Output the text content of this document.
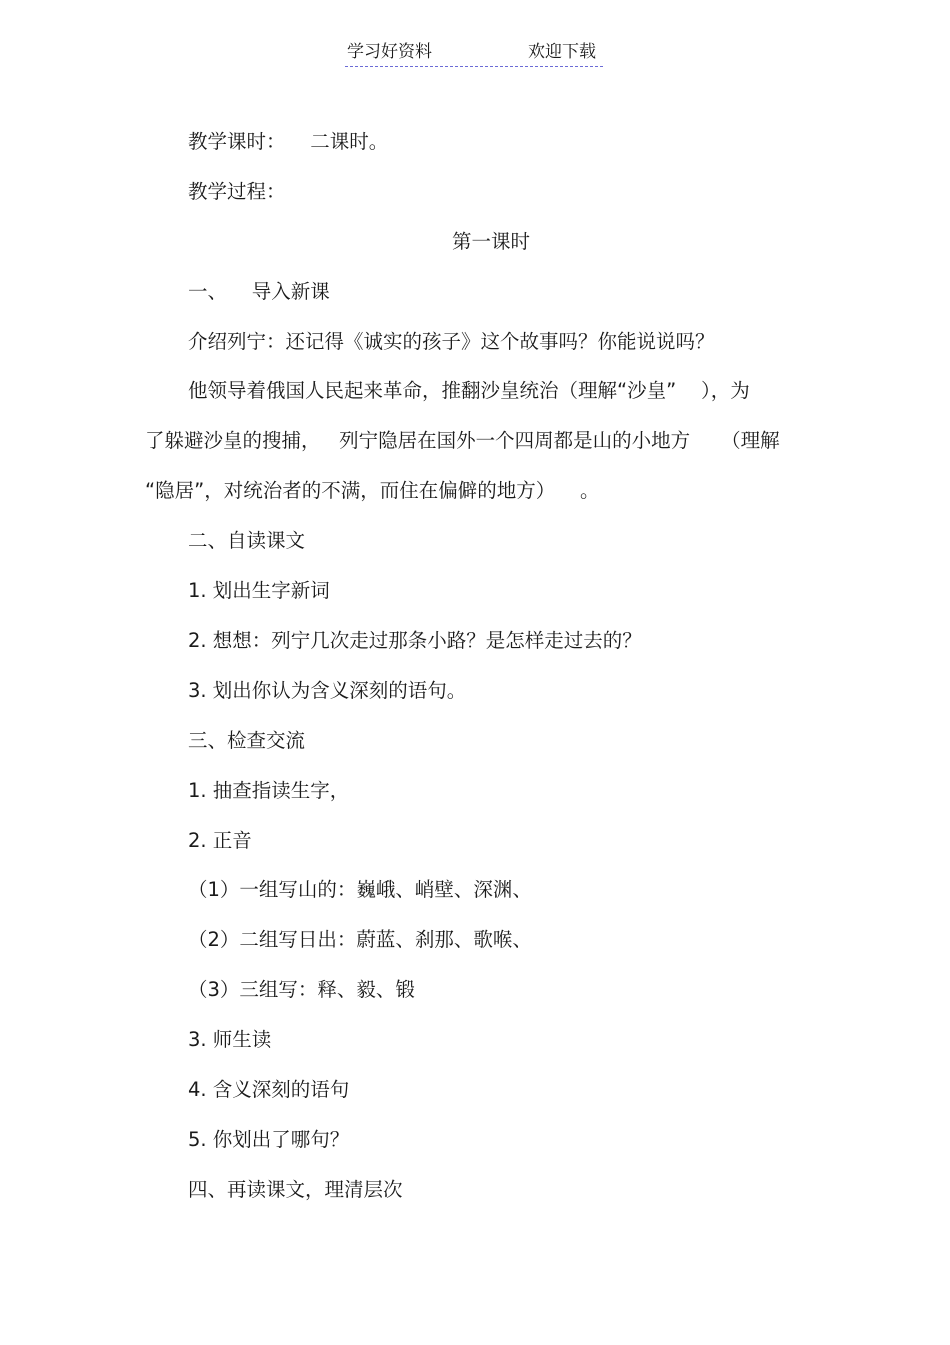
学习好资料	欢迎下载

教学课时：    二课时。

教学过程：

第一课时

一、    导入新课

介绍列宁：还记得《诚实的孩子》这个故事吗？你能说说吗？

他领导着俄国人民起来革命，推翻沙皇统治（理解“沙皇”    ），为

了躲避沙皇的搜捕，   列宁隐居在国外一个四周都是山的小地方     （理解

“隐居”，对统治者的不满，而住在偏僻的地方）    。

二、自读课文

1. 划出生字新词

2. 想想：列宁几次走过那条小路？是怎样走过去的？

3. 划出你认为含义深刻的语句。

三、检查交流

1. 抽查指读生字，

2. 正音

（1）一组写山的：巍峨、峭壁、深渊、

（2）二组写日出：蔚蓝、刹那、歌喉、

（3）三组写：释、毅、锻

3. 师生读

4. 含义深刻的语句

5. 你划出了哪句？

四、再读课文，理清层次
